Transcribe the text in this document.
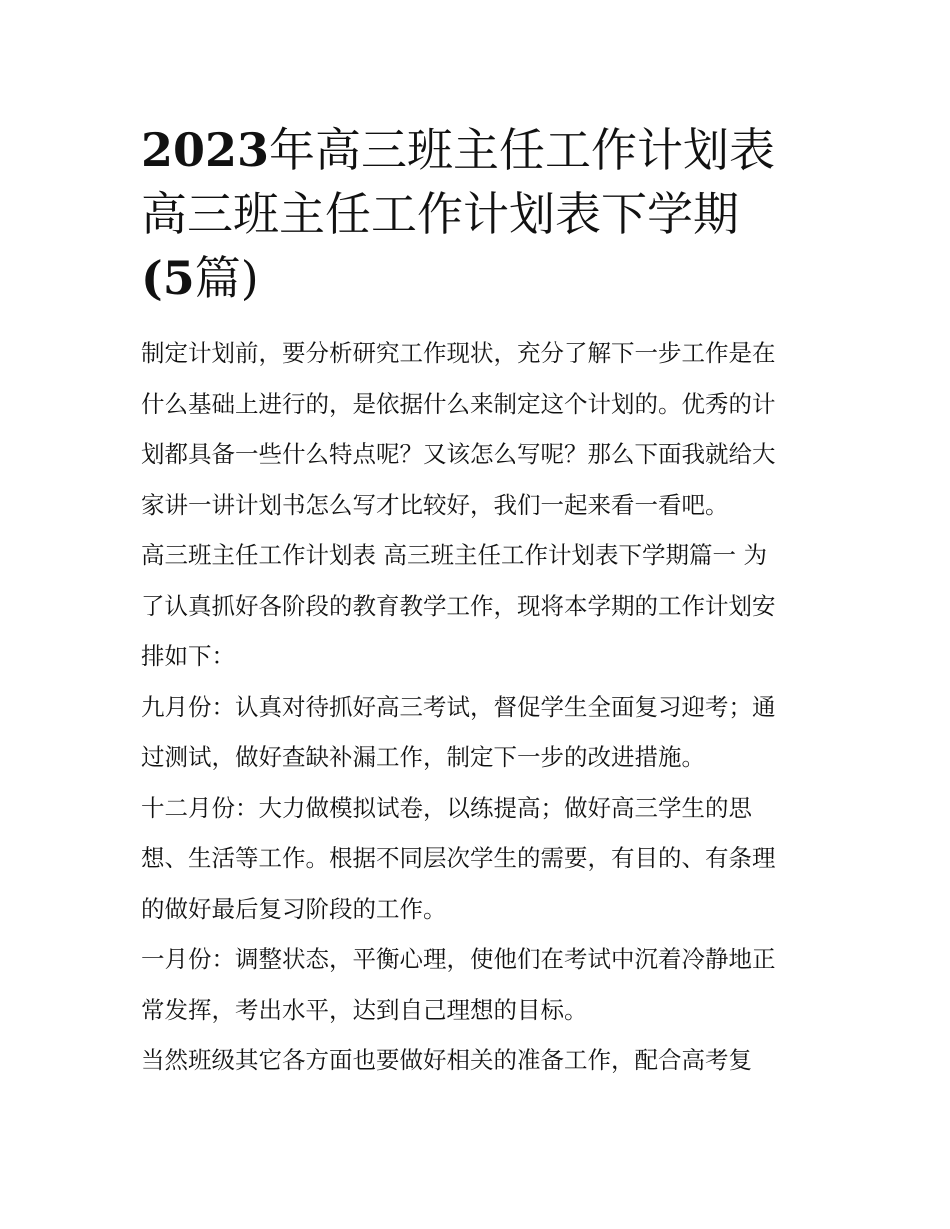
2023年高三班主任工作计划表
高三班主任工作计划表下学期
(5篇)

制定计划前，要分析研究工作现状，充分了解下一步工作是在
什么基础上进行的，是依据什么来制定这个计划的。优秀的计
划都具备一些什么特点呢？又该怎么写呢？那么下面我就给大
家讲一讲计划书怎么写才比较好，我们一起来看一看吧。

高三班主任工作计划表 高三班主任工作计划表下学期篇一 为
了认真抓好各阶段的教育教学工作，现将本学期的工作计划安
排如下：

九月份：认真对待抓好高三考试，督促学生全面复习迎考；通
过测试，做好查缺补漏工作，制定下一步的改进措施。

十二月份：大力做模拟试卷，以练提高；做好高三学生的思
想、生活等工作。根据不同层次学生的需要，有目的、有条理
的做好最后复习阶段的工作。

一月份：调整状态，平衡心理，使他们在考试中沉着冷静地正
常发挥，考出水平，达到自己理想的目标。

当然班级其它各方面也要做好相关的准备工作，配合高考复
